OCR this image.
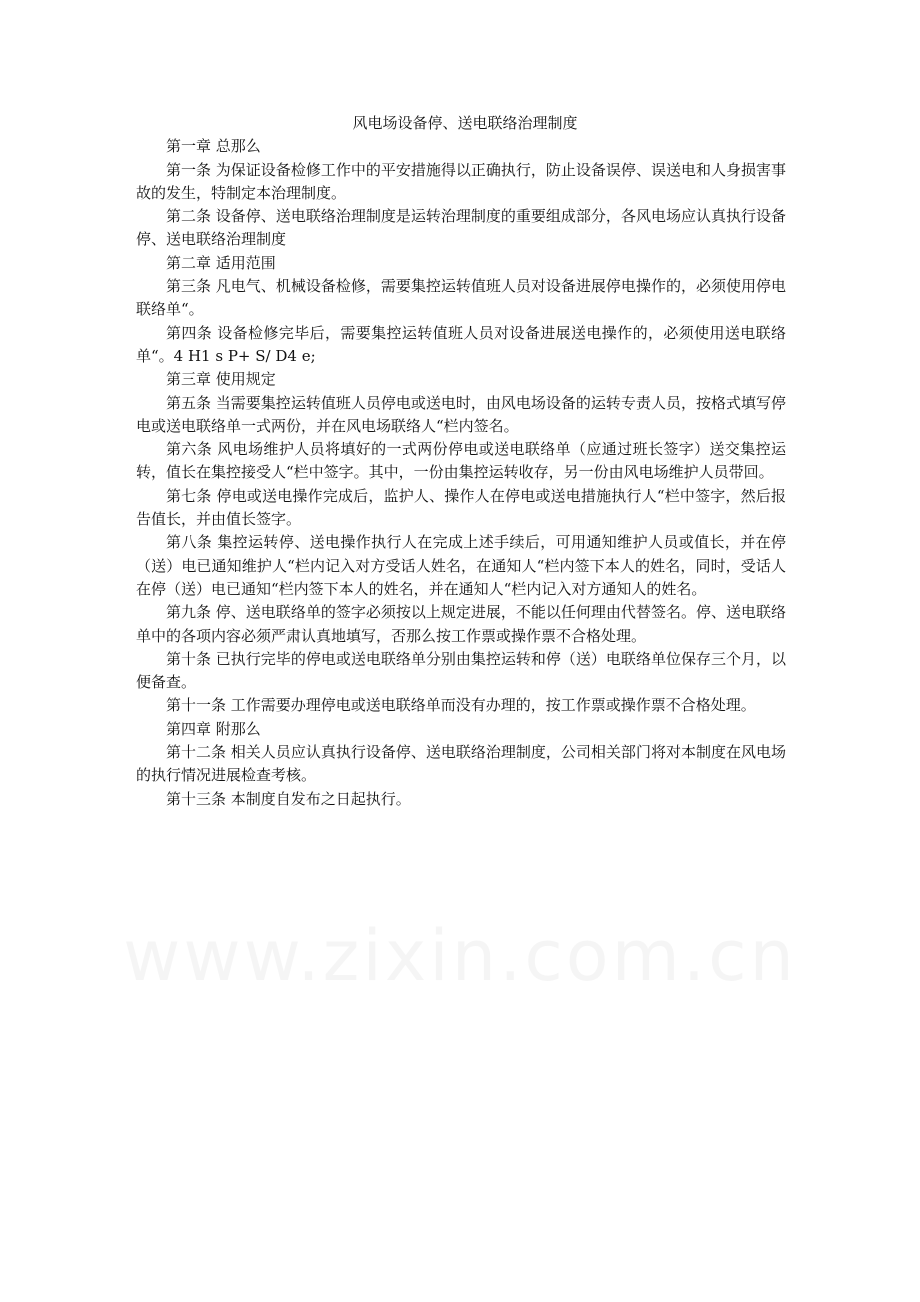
风电场设备停、送电联络治理制度

第一章 总那么

第一条 为保证设备检修工作中的平安措施得以正确执行，防止设备误停、误送电和人身损害事故的发生，特制定本治理制度。

第二条 设备停、送电联络治理制度是运转治理制度的重要组成部分，各风电场应认真执行设备停、送电联络治理制度

第二章 适用范围

第三条 凡电气、机械设备检修，需要集控运转值班人员对设备进展停电操作的，必须使用停电联络单“。

第四条 设备检修完毕后，需要集控运转值班人员对设备进展送电操作的，必须使用送电联络单“。4 H1 s P+ S/ D4 e;

第三章 使用规定

第五条 当需要集控运转值班人员停电或送电时，由风电场设备的运转专责人员，按格式填写停电或送电联络单一式两份，并在风电场联络人“栏内签名。

第六条 风电场维护人员将填好的一式两份停电或送电联络单（应通过班长签字）送交集控运转，值长在集控接受人“栏中签字。其中，一份由集控运转收存，另一份由风电场维护人员带回。

第七条 停电或送电操作完成后，监护人、操作人在停电或送电措施执行人“栏中签字，然后报告值长，并由值长签字。

第八条 集控运转停、送电操作执行人在完成上述手续后，可用通知维护人员或值长，并在停（送）电已通知维护人“栏内记入对方受话人姓名，在通知人“栏内签下本人的姓名，同时，受话人在停（送）电已通知“栏内签下本人的姓名，并在通知人“栏内记入对方通知人的姓名。

第九条 停、送电联络单的签字必须按以上规定进展，不能以任何理由代替签名。停、送电联络单中的各项内容必须严肃认真地填写，否那么按工作票或操作票不合格处理。

第十条 已执行完毕的停电或送电联络单分别由集控运转和停（送）电联络单位保存三个月，以便备查。

第十一条 工作需要办理停电或送电联络单而没有办理的，按工作票或操作票不合格处理。

第四章 附那么

第十二条 相关人员应认真执行设备停、送电联络治理制度，公司相关部门将对本制度在风电场的执行情况进展检查考核。

第十三条 本制度自发布之日起执行。
